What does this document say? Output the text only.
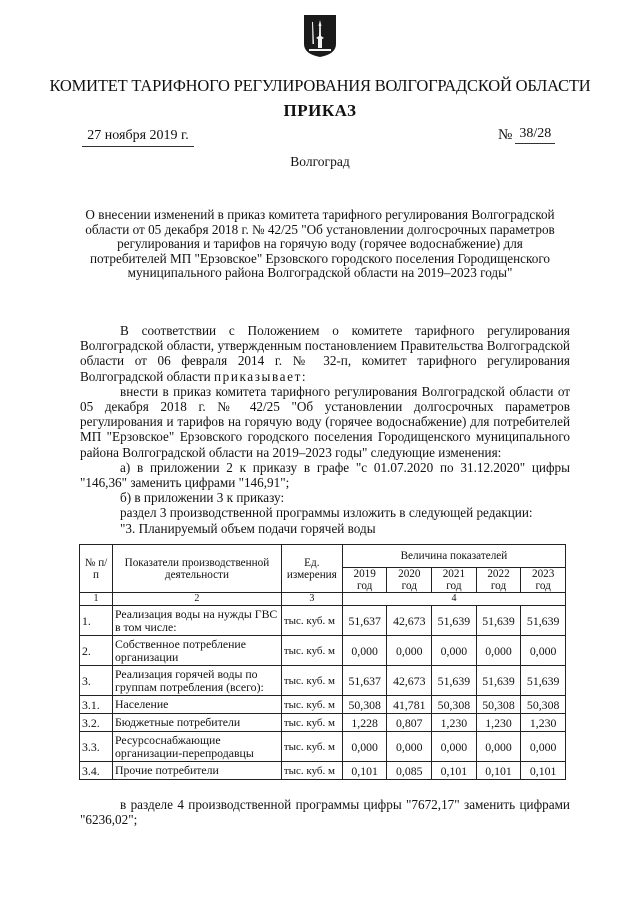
КОМИТЕТ ТАРИФНОГО РЕГУЛИРОВАНИЯ ВОЛГОГРАДСКОЙ ОБЛАСТИ
ПРИКАЗ
27 ноября 2019 г.	№ 38/28
Волгоград
О внесении изменений в приказ комитета тарифного регулирования Волгоградской области от 05 декабря 2018 г. № 42/25 "Об установлении долгосрочных параметров регулирования и тарифов на горячую воду (горячее водоснабжение) для потребителей МП "Ерзовское" Ерзовского городского поселения Городищенского муниципального района Волгоградской области на 2019–2023 годы"

В соответствии с Положением о комитете тарифного регулирования Волгоградской области, утвержденным постановлением Правительства Волгоградской области от 06 февраля 2014 г. № 32-п, комитет тарифного регулирования Волгоградской области приказывает:

внести в приказ комитета тарифного регулирования Волгоградской области от 05 декабря 2018 г. № 42/25 "Об установлении долгосрочных параметров регулирования и тарифов на горячую воду (горячее водоснабжение) для потребителей МП "Ерзовское" Ерзовского городского поселения Городищенского муниципального района Волгоградской области на 2019–2023 годы" следующие изменения:

а) в приложении 2 к приказу в графе "с 01.07.2020 по 31.12.2020" цифры "146,36" заменить цифрами "146,91";

б) в приложении 3 к приказу:

раздел 3 производственной программы изложить в следующей редакции:

"3. Планируемый объем подачи горячей воды

№ п/п	Показатели производственной деятельности	Ед. измерения	Величина показателей				
			2019 год	2020 год	2021 год	2022 год	2023 год
1	2	3	4				
1.	Реализация воды на нужды ГВС в том числе:	тыс. куб. м	51,637	42,673	51,639	51,639	51,639
2.	Собственное потребление организации	тыс. куб. м	0,000	0,000	0,000	0,000	0,000
3.	Реализация горячей воды по группам потребления (всего):	тыс. куб. м	51,637	42,673	51,639	51,639	51,639
3.1.	Население	тыс. куб. м	50,308	41,781	50,308	50,308	50,308
3.2.	Бюджетные потребители	тыс. куб. м	1,228	0,807	1,230	1,230	1,230
3.3.	Ресурсоснабжающие организации-перепродавцы	тыс. куб. м	0,000	0,000	0,000	0,000	0,000
3.4.	Прочие потребители	тыс. куб. м	0,101	0,085	0,101	0,101	0,101

в разделе 4 производственной программы цифры "7672,17" заменить цифрами "6236,02";
